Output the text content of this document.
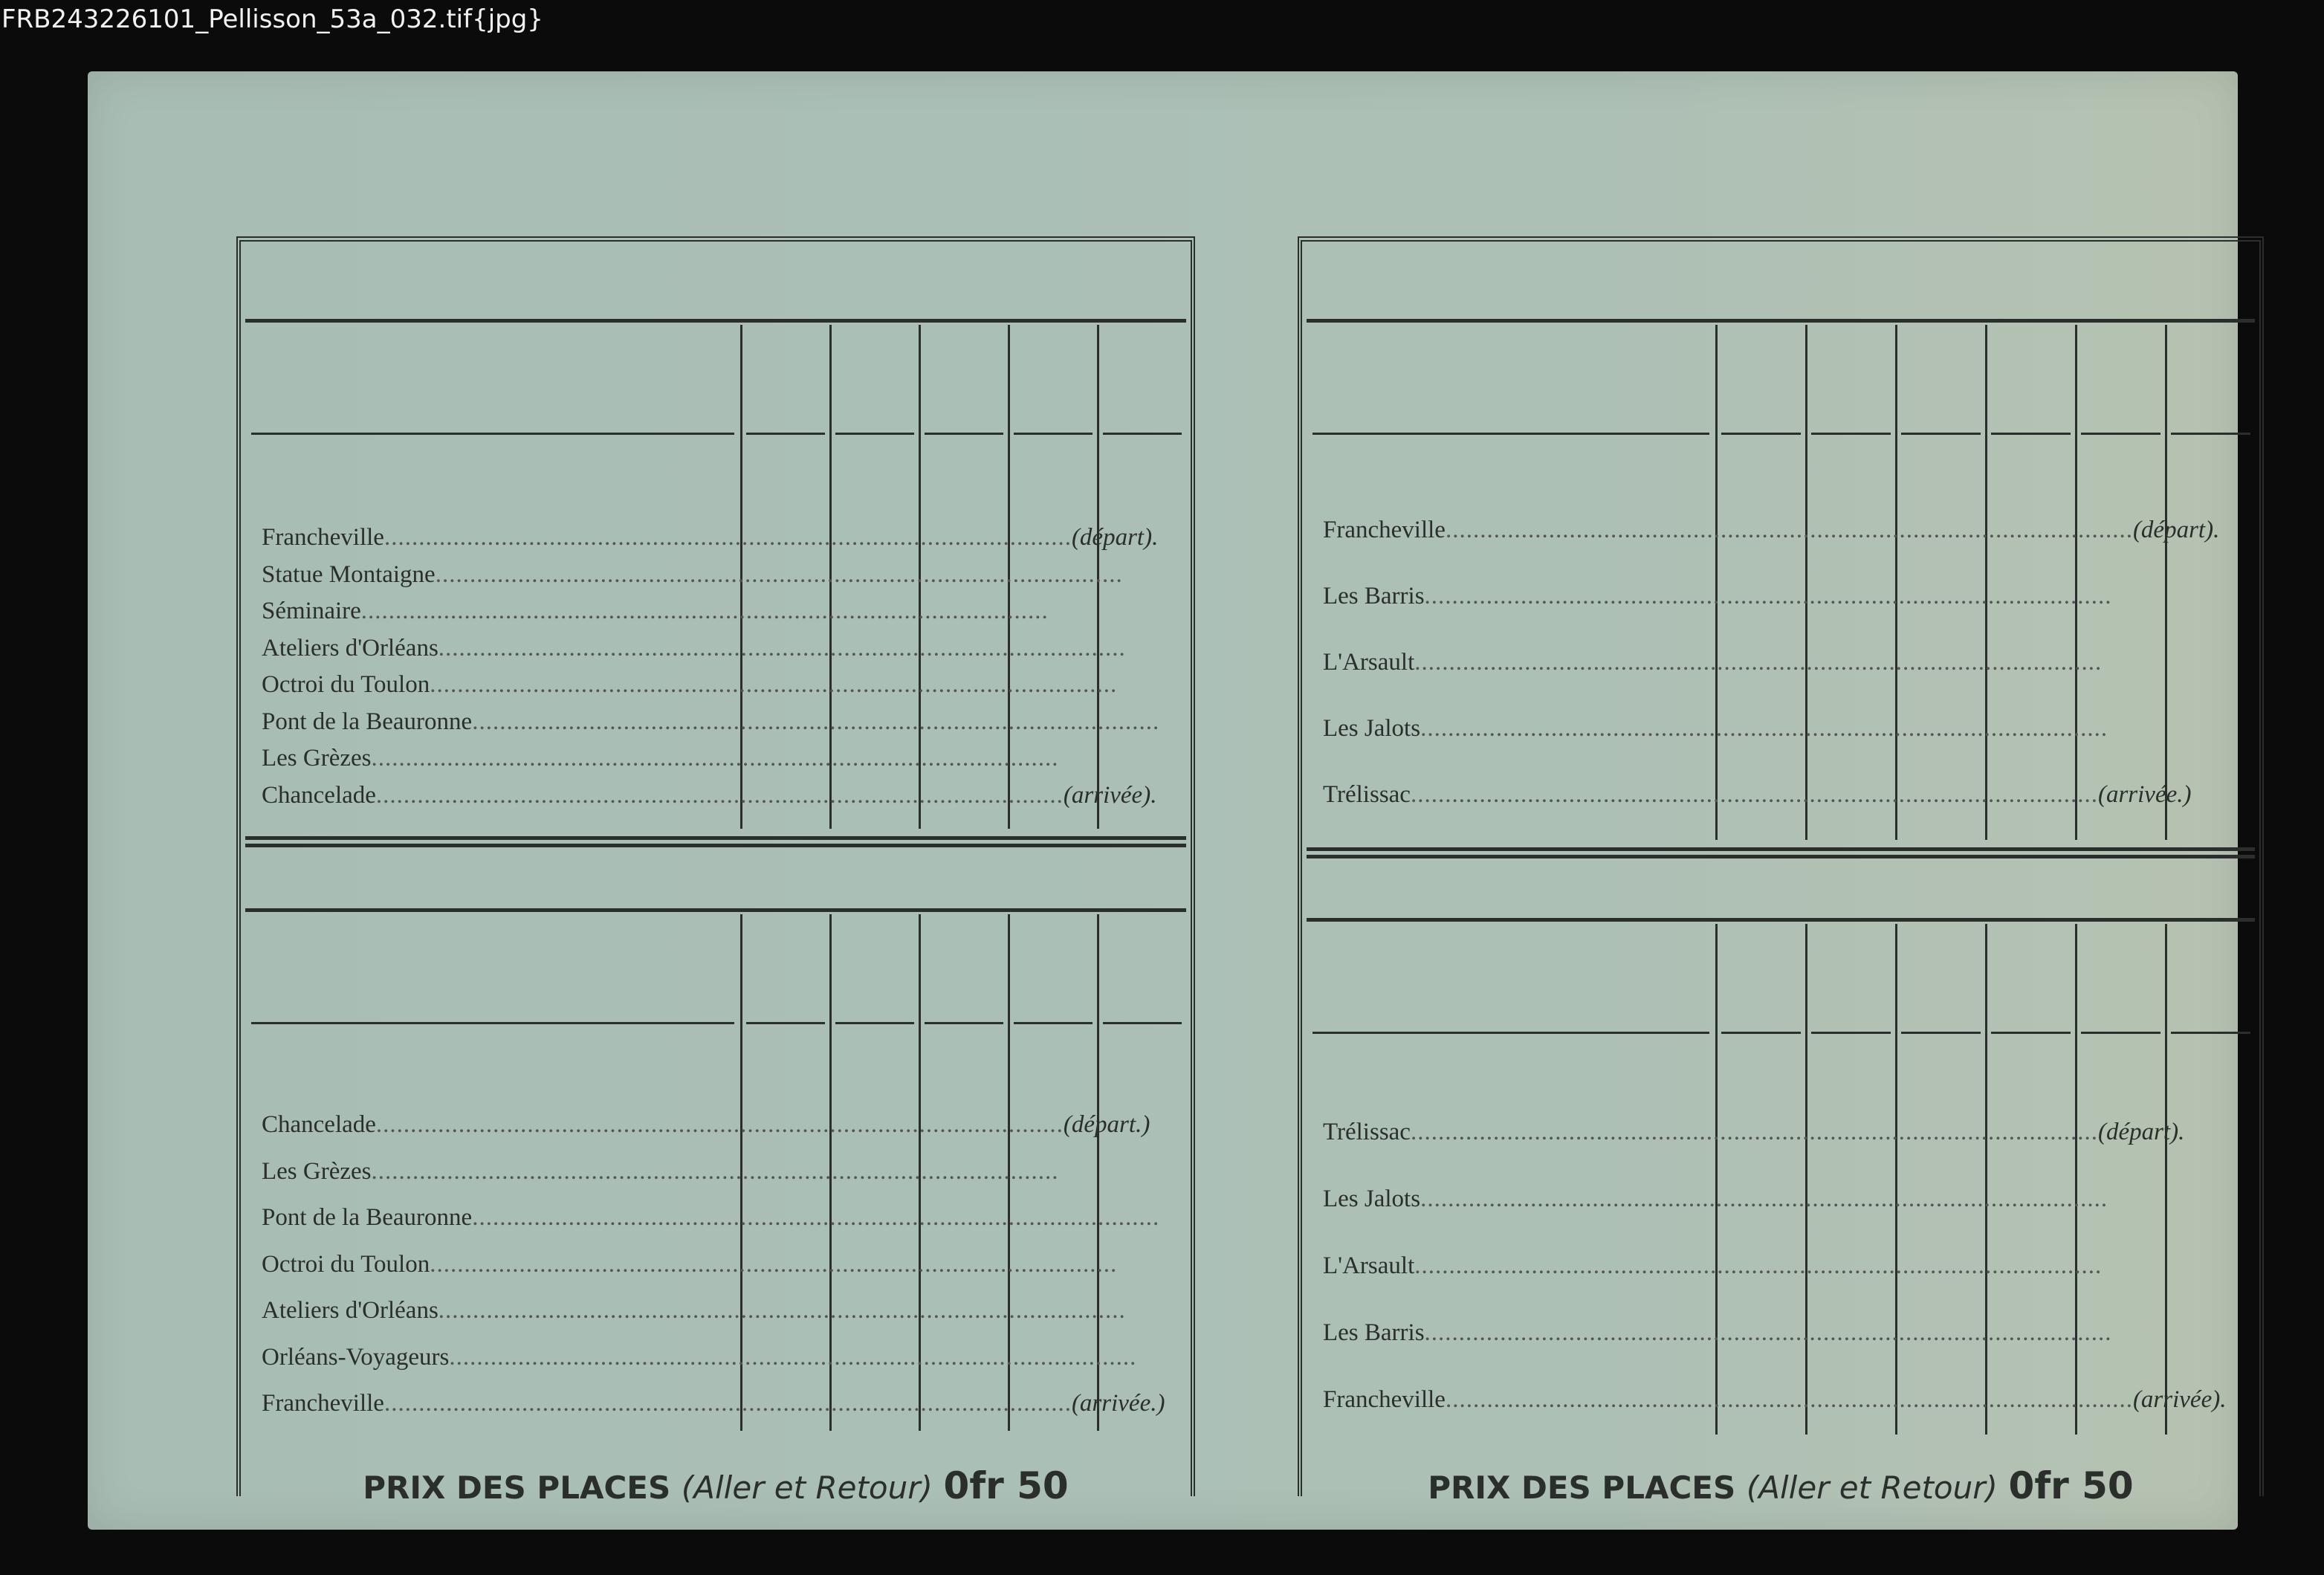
FRB243226101_Pellisson_53a_032.tif{jpg}
Francheville .................................................................................................... (départ).
Statue Montaigne ....................................................................................................
Séminaire ....................................................................................................
Ateliers d'Orléans ....................................................................................................
Octroi du Toulon ....................................................................................................
Pont de la Beauronne ....................................................................................................
Les Grèzes ....................................................................................................
Chancelade .................................................................................................... (arrivée).
Chancelade .................................................................................................... (départ.)
Les Grèzes ....................................................................................................
Pont de la Beauronne ....................................................................................................
Octroi du Toulon ....................................................................................................
Ateliers d'Orléans ....................................................................................................
Orléans-Voyageurs ....................................................................................................
Francheville .................................................................................................... (arrivée.)
PRIX DES PLACES (Aller et Retour) 0fr 50
Francheville .................................................................................................... (départ).
Les Barris ....................................................................................................
L'Arsault ....................................................................................................
Les Jalots ....................................................................................................
Trélissac .................................................................................................... (arrivée.)
Trélissac .................................................................................................... (départ).
Les Jalots ....................................................................................................
L'Arsault ....................................................................................................
Les Barris ....................................................................................................
Francheville .................................................................................................... (arrivée).
PRIX DES PLACES (Aller et Retour) 0fr 50
